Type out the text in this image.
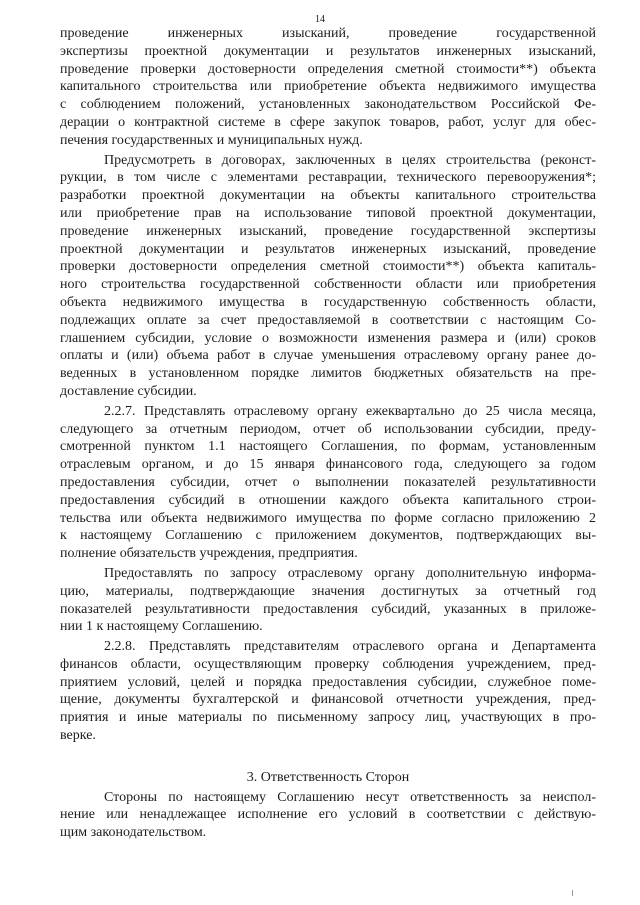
14
проведение инженерных изысканий, проведение государственной
экспертизы проектной документации и результатов инженерных изысканий,
проведение проверки достоверности определения сметной стоимости**) объекта
капитального строительства или приобретение объекта недвижимого имущества
с соблюдением положений, установленных законодательством Российской Фе-
дерации о контрактной системе в сфере закупок товаров, работ, услуг для обес-
печения государственных и муниципальных нужд.
Предусмотреть в договорах, заключенных в целях строительства (реконст-
рукции, в том числе с элементами реставрации, технического перевооружения*;
разработки проектной документации на объекты капитального строительства
или приобретение прав на использование типовой проектной документации,
проведение инженерных изысканий, проведение государственной экспертизы
проектной документации и результатов инженерных изысканий, проведение
проверки достоверности определения сметной стоимости**) объекта капиталь-
ного строительства государственной собственности области или приобретения
объекта недвижимого имущества в государственную собственность области,
подлежащих оплате за счет предоставляемой в соответствии с настоящим Со-
глашением субсидии, условие о возможности изменения размера и (или) сроков
оплаты и (или) объема работ в случае уменьшения отраслевому органу ранее до-
веденных в установленном порядке лимитов бюджетных обязательств на пре-
доставление субсидии.
2.2.7. Представлять отраслевому органу ежеквартально до 25 числа месяца,
следующего за отчетным периодом, отчет об использовании субсидии, преду-
смотренной пунктом 1.1 настоящего Соглашения, по формам, установленным
отраслевым органом, и до 15 января финансового года, следующего за годом
предоставления субсидии, отчет о выполнении показателей результативности
предоставления субсидий в отношении каждого объекта капитального строи-
тельства или объекта недвижимого имущества по форме согласно приложению 2
к настоящему Соглашению с приложением документов, подтверждающих вы-
полнение обязательств учреждения, предприятия.
Предоставлять по запросу отраслевому органу дополнительную информа-
цию, материалы, подтверждающие значения достигнутых за отчетный год
показателей результативности предоставления субсидий, указанных в приложе-
нии 1 к настоящему Соглашению.
2.2.8. Представлять представителям отраслевого органа и Департамента
финансов области, осуществляющим проверку соблюдения учреждением, пред-
приятием условий, целей и порядка предоставления субсидии, служебное поме-
щение, документы бухгалтерской и финансовой отчетности учреждения, пред-
приятия и иные материалы по письменному запросу лиц, участвующих в про-
верке.
3. Ответственность Сторон
Стороны по настоящему Соглашению несут ответственность за неиспол-
нение или ненадлежащее исполнение его условий в соответствии с действую-
щим законодательством.
